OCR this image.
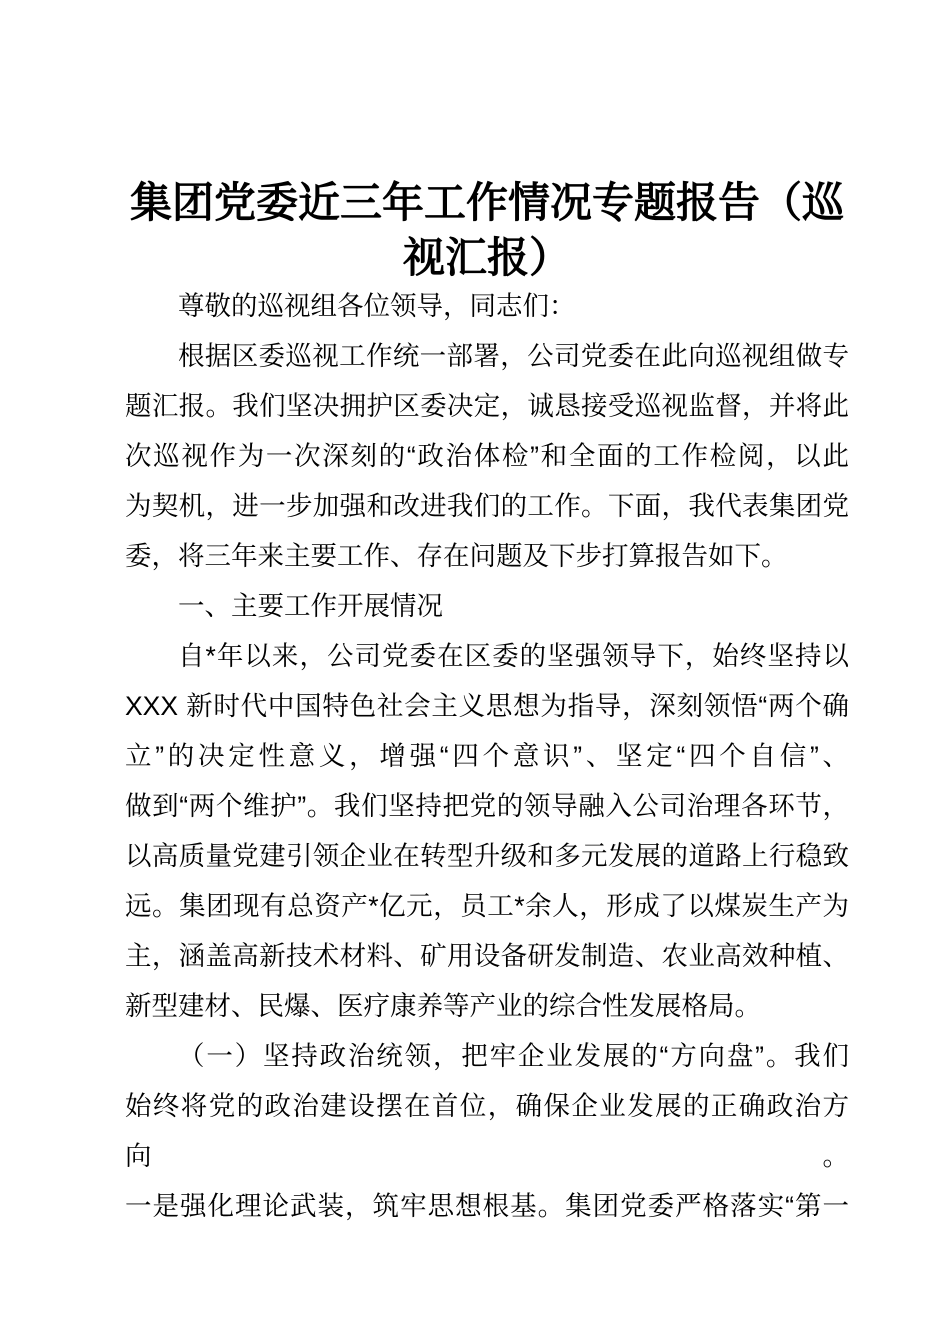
集团党委近三年工作情况专题报告（巡
视汇报）
尊敬的巡视组各位领导，同志们：
根据区委巡视工作统一部署，公司党委在此向巡视组做专
题汇报。我们坚决拥护区委决定，诚恳接受巡视监督，并将此
次巡视作为一次深刻的“政治体检”和全面的工作检阅，以此
为契机，进一步加强和改进我们的工作。下面，我代表集团党
委，将三年来主要工作、存在问题及下步打算报告如下。
一、主要工作开展情况
自*年以来，公司党委在区委的坚强领导下，始终坚持以
XXX 新时代中国特色社会主义思想为指导，深刻领悟“两个确
立”的决定性意义，增强“四个意识”、坚定“四个自信”、
做到“两个维护”。我们坚持把党的领导融入公司治理各环节，
以高质量党建引领企业在转型升级和多元发展的道路上行稳致
远。集团现有总资产*亿元，员工*余人，形成了以煤炭生产为
主，涵盖高新技术材料、矿用设备研发制造、农业高效种植、
新型建材、民爆、医疗康养等产业的综合性发展格局。
（一）坚持政治统领，把牢企业发展的“方向盘”。我们
始终将党的政治建设摆在首位，确保企业发展的正确政治方向。
一是强化理论武装，筑牢思想根基。集团党委严格落实“第一
